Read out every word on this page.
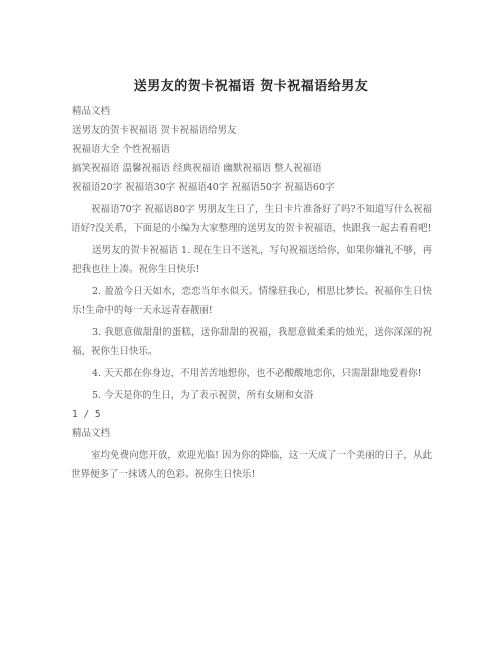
送男友的贺卡祝福语 贺卡祝福语给男友
精品文档
送男友的贺卡祝福语 贺卡祝福语给男友
祝福语大全 个性祝福语
搞笑祝福语 温馨祝福语 经典祝福语 幽默祝福语 整人祝福语
祝福语20字 祝福语30字 祝福语40字 祝福语50字 祝福语60字
祝福语70字 祝福语80字 男朋友生日了，生日卡片准备好了吗?不知道写什么祝福语好?没关系，下面是的小编为大家整理的送男友的贺卡祝福语，快跟我一起去看看吧!
送男友的贺卡祝福语 1. 现在生日不送礼，写句祝福送给你，如果你嫌礼不够，再把我也往上凑。祝你生日快乐!
2. 盈盈今日天如水，恋恋当年水似天。情缘驻我心，相思比梦长。祝福你生日快乐!生命中的每一天永远青春靓丽!
3. 我愿意做甜甜的蛋糕，送你甜甜的祝福，我愿意做柔柔的烛光，送你深深的祝福，祝你生日快乐。
4. 天天都在你身边，不用苦苦地想你，也不必酸酸地恋你，只需甜甜地爱着你!
5. 今天是你的生日，为了表示祝贺，所有女厕和女浴
1 / 5
精品文档
室均免费向您开放，欢迎光临! 因为你的降临，这一天成了一个美丽的日子，从此世界便多了一抹诱人的色彩。祝你生日快乐!
